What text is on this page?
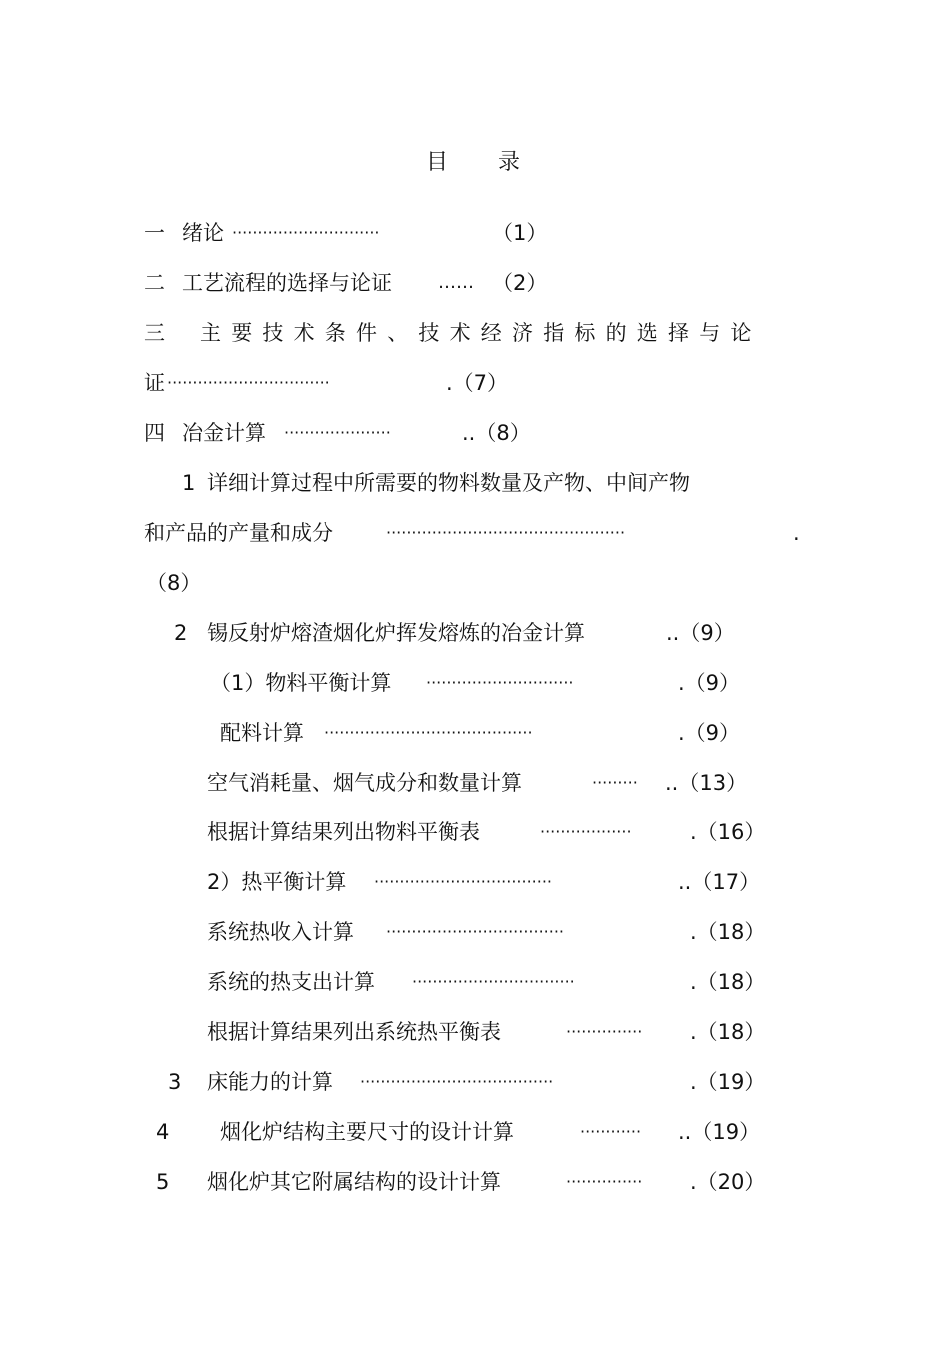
目 录
一 绪论 ·····························	（1）
二 工艺流程的选择与论证	…… （2）
三 主要技术条件、技术经济指标的选择与论
证 ································	.（7）
四 冶金计算 ·····················	..（8）
1 详细计算过程中所需要的物料数量及产物、中间产物
和产品的产量和成分	···············································	.
（8）
2 锡反射炉熔渣烟化炉挥发熔炼的冶金计算	..（9）
（1）物料平衡计算 ·····························	.（9）
配料计算 ·········································	.（9）
空气消耗量、烟气成分和数量计算	········· ..（13）
根据计算结果列出物料平衡表	··················	.（16）
2）热平衡计算 ···································	..（17）
系统热收入计算 ···································	.（18）
系统的热支出计算 ································	.（18）
根据计算结果列出系统热平衡表	··············· .（18）
3 床能力的计算 ······································	.（19）
4 烟化炉结构主要尺寸的设计计算	············ ..（19）
5 烟化炉其它附属结构的设计计算	··············· .（20）
